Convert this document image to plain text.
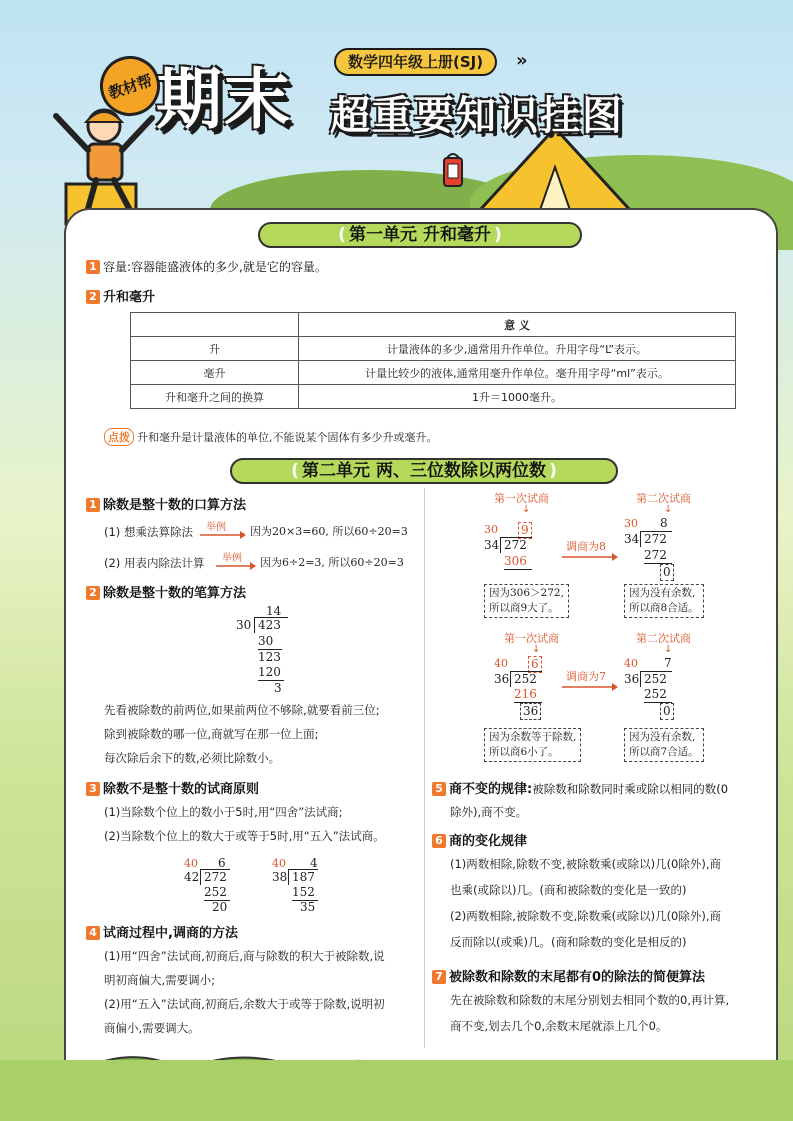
教材帮 期末	数学四年级上册(SJ)	»
超重要知识挂图
( 第一单元 升和毫升 )
1 容量:容器能盛液体的多少,就是它的容量。
2 升和毫升
	意 义
升	计量液体的多少,通常用升作单位。升用字母“L”表示。
毫升	计量比较少的液体,通常用毫升作单位。毫升用字母“ml”表示。
升和毫升之间的换算	1升＝1000毫升。
点拨 升和毫升是计量液体的单位,不能说某个固体有多少升或毫升。
( 第二单元 两、三位数除以两位数 )
1 除数是整十数的口算方法
(1) 想乘法算除法 举例 因为20×3=60, 所以60÷20=3
(2) 用表内除法计算 举例 因为6÷2=3, 所以60÷20=3
2 除数是整十数的笔算方法
14
30 423
30
123
120
3
先看被除数的前两位,如果前两位不够除,就要看前三位;
除到被除数的哪一位,商就写在那一位上面;
每次除后余下的数,必须比除数小。
3 除数不是整十数的试商原则
(1)当除数个位上的数小于5时,用“四舍”法试商;
(2)当除数个位上的数大于或等于5时,用“五入”法试商。
40 6
42 272
252
20
40 4
38 187
152
35
4 试商过程中,调商的方法
(1)用“四舍”法试商,初商后,商与除数的积大于被除数,说
明初商偏大,需要调小;
(2)用“五入”法试商,初商后,余数大于或等于除数,说明初
商偏小,需要调大。
第一次试商	第二次试商
↓	↓
30 9
34 272
306
调商为8
30 8
34 272
272
0
因为306＞272,
所以商9大了。
因为没有余数,
所以商8合适。
第一次试商	第二次试商
↓	↓
40 6
36 252
216
36
调商为7
40 7
36 252
252
0
因为余数等于除数,
所以商6小了。
因为没有余数,
所以商7合适。
5 商不变的规律:被除数和除数同时乘或除以相同的数(0
除外),商不变。
6 商的变化规律
(1)两数相除,除数不变,被除数乘(或除以)几(0除外),商
也乘(或除以)几。(商和被除数的变化是一致的)
(2)两数相除,被除数不变,除数乘(或除以)几(0除外),商
反而除以(或乘)几。(商和除数的变化是相反的)
7 被除数和除数的末尾都有0的除法的简便算法
先在被除数和除数的末尾分别划去相同个数的0,再计算,
商不变,划去几个0,余数末尾就添上几个0。
